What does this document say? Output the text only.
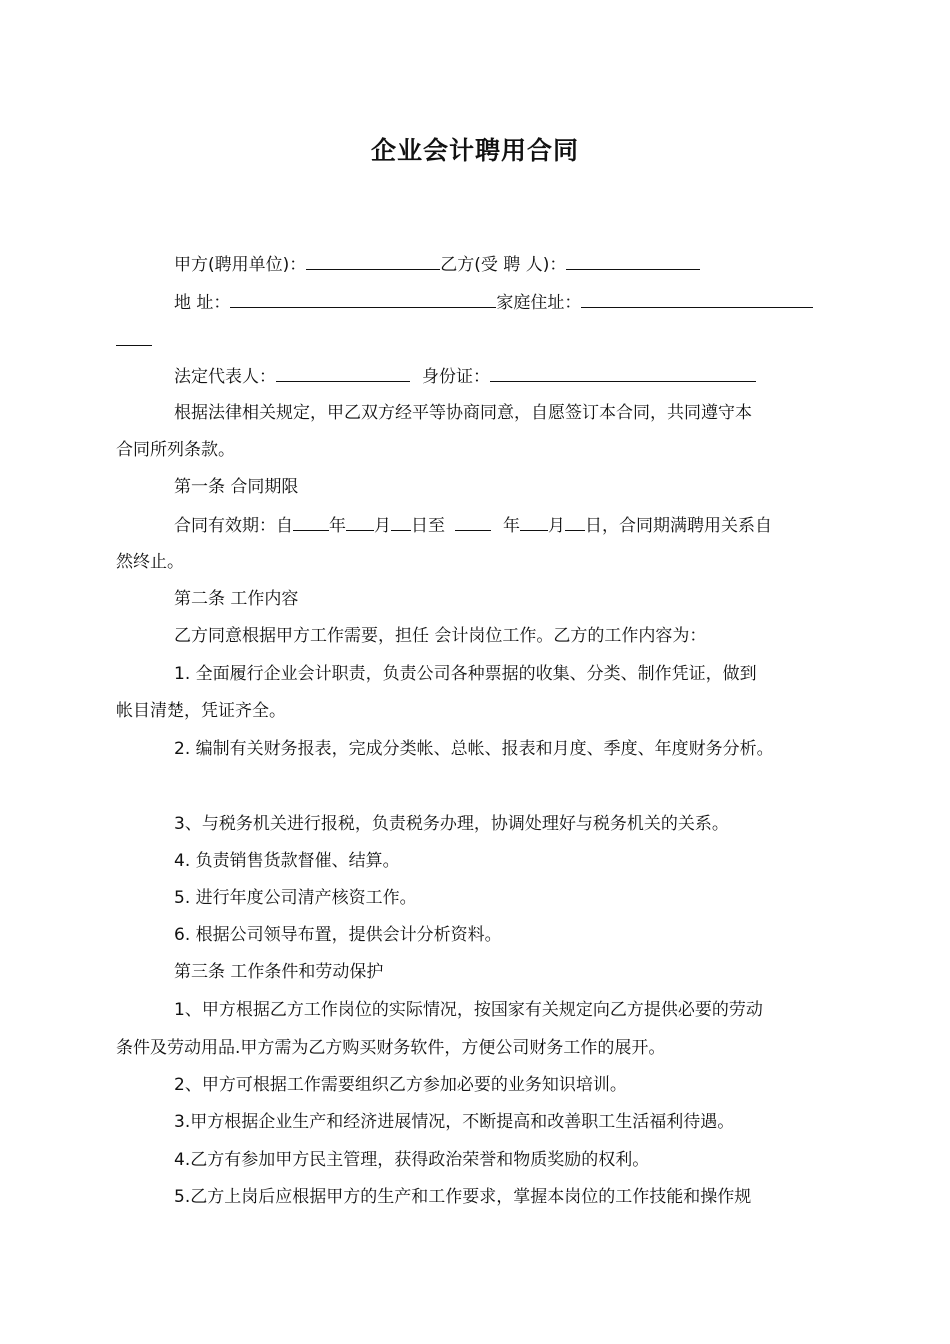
企业会计聘用合同
甲方(聘用单位)：	乙方(受 聘 人)：
地 址：	家庭住址：
法定代表人：	身份证：
根据法律相关规定，甲乙双方经平等协商同意，自愿签订本合同，共同遵守本
合同所列条款。
第一条 合同期限
合同有效期：自 年 月 日至	年 月 日，合同期满聘用关系自
然终止。
第二条 工作内容
乙方同意根据甲方工作需要，担任 会计岗位工作。乙方的工作内容为：
1. 全面履行企业会计职责，负责公司各种票据的收集、分类、制作凭证，做到
帐目清楚，凭证齐全。
2. 编制有关财务报表，完成分类帐、总帐、报表和月度、季度、年度财务分析。
3、与税务机关进行报税，负责税务办理，协调处理好与税务机关的关系。
4. 负责销售货款督催、结算。
5. 进行年度公司清产核资工作。
6. 根据公司领导布置，提供会计分析资料。
第三条 工作条件和劳动保护
1、甲方根据乙方工作岗位的实际情况，按国家有关规定向乙方提供必要的劳动
条件及劳动用品.甲方需为乙方购买财务软件，方便公司财务工作的展开。
2、甲方可根据工作需要组织乙方参加必要的业务知识培训。
3.甲方根据企业生产和经济进展情况，不断提高和改善职工生活福利待遇。
4.乙方有参加甲方民主管理，获得政治荣誉和物质奖励的权利。
5.乙方上岗后应根据甲方的生产和工作要求，掌握本岗位的工作技能和操作规
